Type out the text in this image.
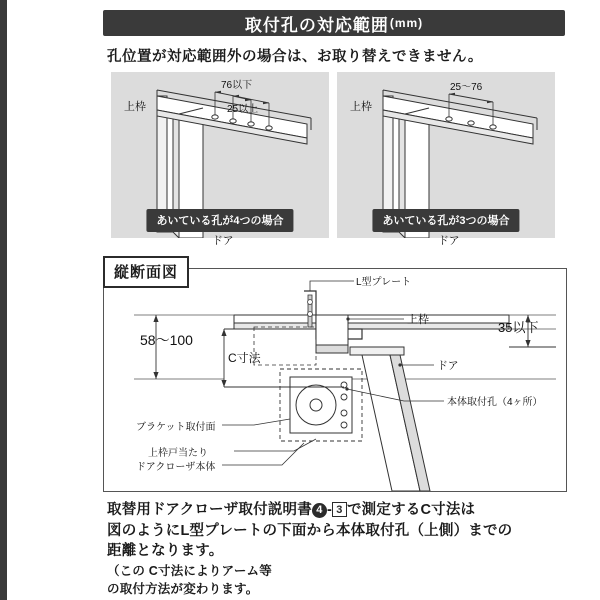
取付孔の対応範囲 (mm)
孔位置が対応範囲外の場合は、お取り替えできません。
上枠
ドア
76以下
25以上
あいている孔が4つの場合
上枠
ドア
25〜76
あいている孔が3つの場合
縦断面図
L型プレート
上枠
58〜100
C寸法
35以下
ドア
本体取付孔（4ヶ所）
ブラケット取付面
上枠戸当たり
ドアクローザ本体
取替用ドアクローザ取付説明書 4 - 3 で測定するC寸法は
図のようにL型プレートの下面から本体取付孔（上側）までの
距離となります。
（この C寸法によりアーム等
の取付方法が変わります。
